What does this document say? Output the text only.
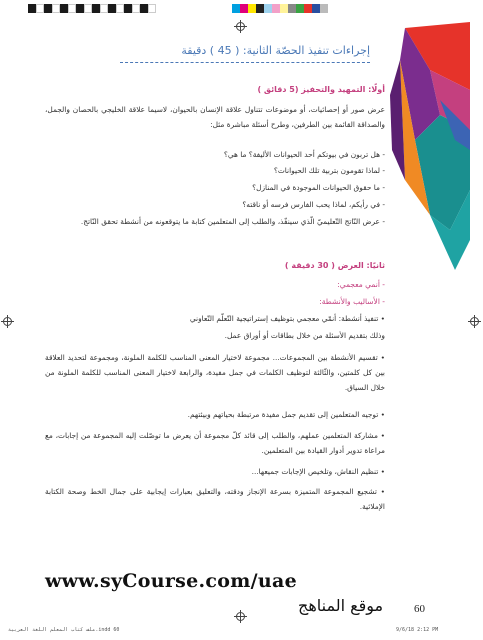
إجراءات تنفيذ الحصّة الثانية: ( 45 ) دقيقة
أولًا: التمهيد والتحفيز (5 دقائق )
عرض صور أو إحصائيات، أو موضوعات تتناول علاقة الإنسان بالحيوان، لاسيما علاقة الخليجي بالحصان والجمل، والصداقة القائمة بين الطرفين، وطرح أسئلة مباشرة مثل:
- هل تربون في بيوتكم أحد الحيوانات الأليفة؟ ما هي؟
- لماذا تقومون بتربية تلك الحيوانات؟
- ما حقوق الحيوانات الموجودة في المنازل؟
- في رأيكم، لماذا يحب الفارس فرسه أو ناقته؟
- عرض النّاتج التّعليميّ الّذي سينفّذ، والطلب إلى المتعلمين كتابة ما يتوقعونه من أنشطة تحقق النّاتج.
ثانيًا: العرض ( 30 دقيقة )
- أنمي معجمي:
- الأساليب والأنشطة:
• تنفيذ أنشطة: أنمّي معجمي بتوظيف إستراتيجية التّعلّم التّعاوني
وذلك بتقديم الأسئلة من خلال بطاقات أو أوراق عمل.
• تقسيم الأنشطة بين المجموعات... مجموعة لاختيار المعنى المناسب للكلمة الملونة، ومجموعة لتحديد العلاقة بين كل كلمتين، والثّالثة لتوظيف الكلمات في جمل مفيدة، والرابعة لاختيار المعنى المناسب للكلمة الملونة من خلال السياق.
• توجيه المتعلمين إلى تقديم جمل مفيدة مرتبطة بحياتهم وبيئتهم.
• مشاركة المتعلمين عملهم، والطلب إلى قائد كلّ مجموعة أن يعرض ما توصّلت إليه المجموعة من إجابات، مع مراعاة تدوير أدوار القيادة بين المتعلمين.
• تنظيم النقاش، وتلخيص الإجابات جميعها...
• تشجيع المجموعة المتميزة بسرعة الإنجاز ودقته، والتعليق بعبارات إيجابية على جمال الخط وصحة الكتابة الإملائية.
www.syCourse.com/uae
موقع المناهج	60
ﻣﻠﻒ ﻛﺘﺎﺏ ﺍﻟﻤﻌﻠﻢ ﺍﻟﻠﻐﺔ ﺍﻟﻌﺮﺑﻴﺔ.indd 60	9/6/18 2:12 PM
